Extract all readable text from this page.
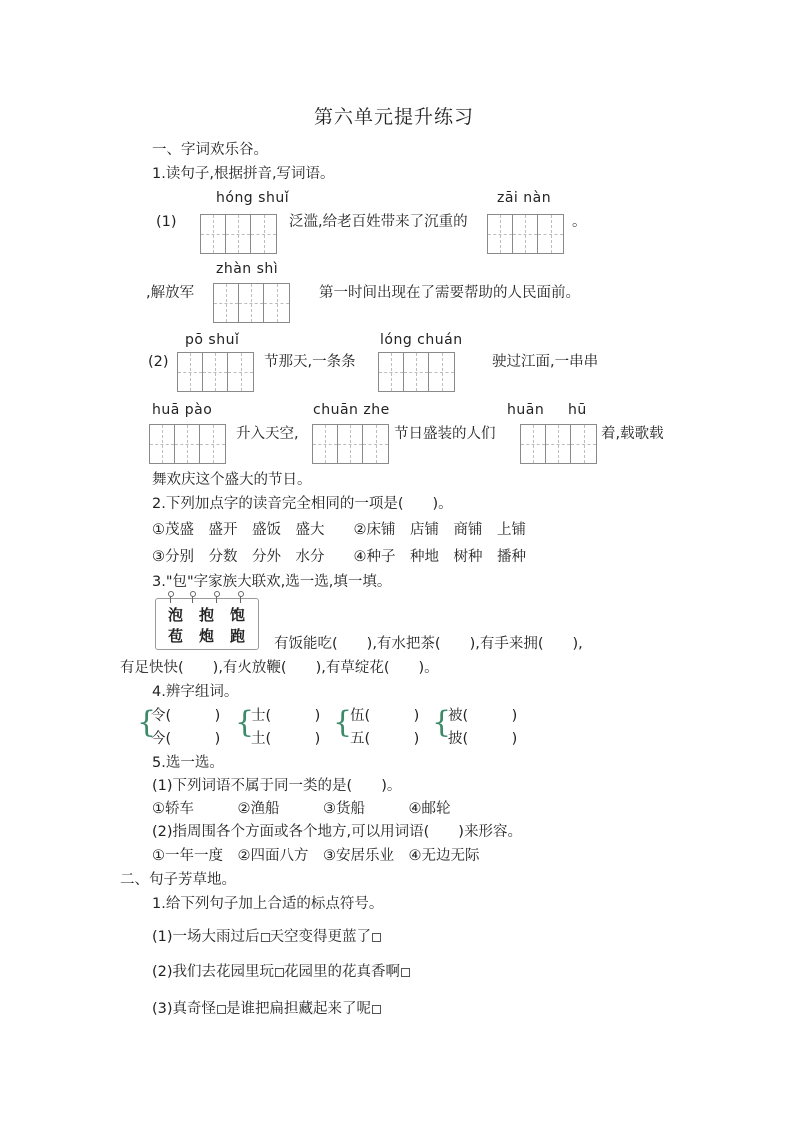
第六单元提升练习
一、字词欢乐谷。
1.读句子,根据拼音,写词语。
hóng shuǐ	zāi nàn
(1)	泛滥,给老百姓带来了沉重的	。
zhàn shì
,解放军	第一时间出现在了需要帮助的人民面前。
pō shuǐ	lóng chuán
(2)	节那天,一条条	驶过江面,一串串
huā pào	chuān zhe	huān hū
升入天空,	节日盛装的人们	着,载歌载
舞欢庆这个盛大的节日。
2.下列加点字的读音完全相同的一项是(　　)。
①茂盛　盛开　盛饭　盛大　　②床铺　店铺　商铺　上铺
③分别　分数　分外　水分　　④种子　种地　树种　播种
3."包"字家族大联欢,选一选,填一填。
泡 抱 饱
苞 炮 跑 有饭能吃(　　),有水把茶(　　),有手来拥(　　),
有足快快(　　),有火放鞭(　　),有草绽花(　　)。
4.辨字组词。
{
令(　　　)
今(　　　) {
士(　　　)
土(　　　) {
伍(　　　)
五(　　　) {
被(　　　)
披(　　　)
5.选一选。
(1)下列词语不属于同一类的是(　　)。
①轿车　　　②渔船　　　③货船　　　④邮轮
(2)指周围各个方面或各个地方,可以用词语(　　)来形容。
①一年一度　②四面八方　③安居乐业　④无边无际
二、句子芳草地。
1.给下列句子加上合适的标点符号。
(1)一场大雨过后 天空变得更蓝了
(2)我们去花园里玩 花园里的花真香啊
(3)真奇怪 是谁把扁担藏起来了呢
